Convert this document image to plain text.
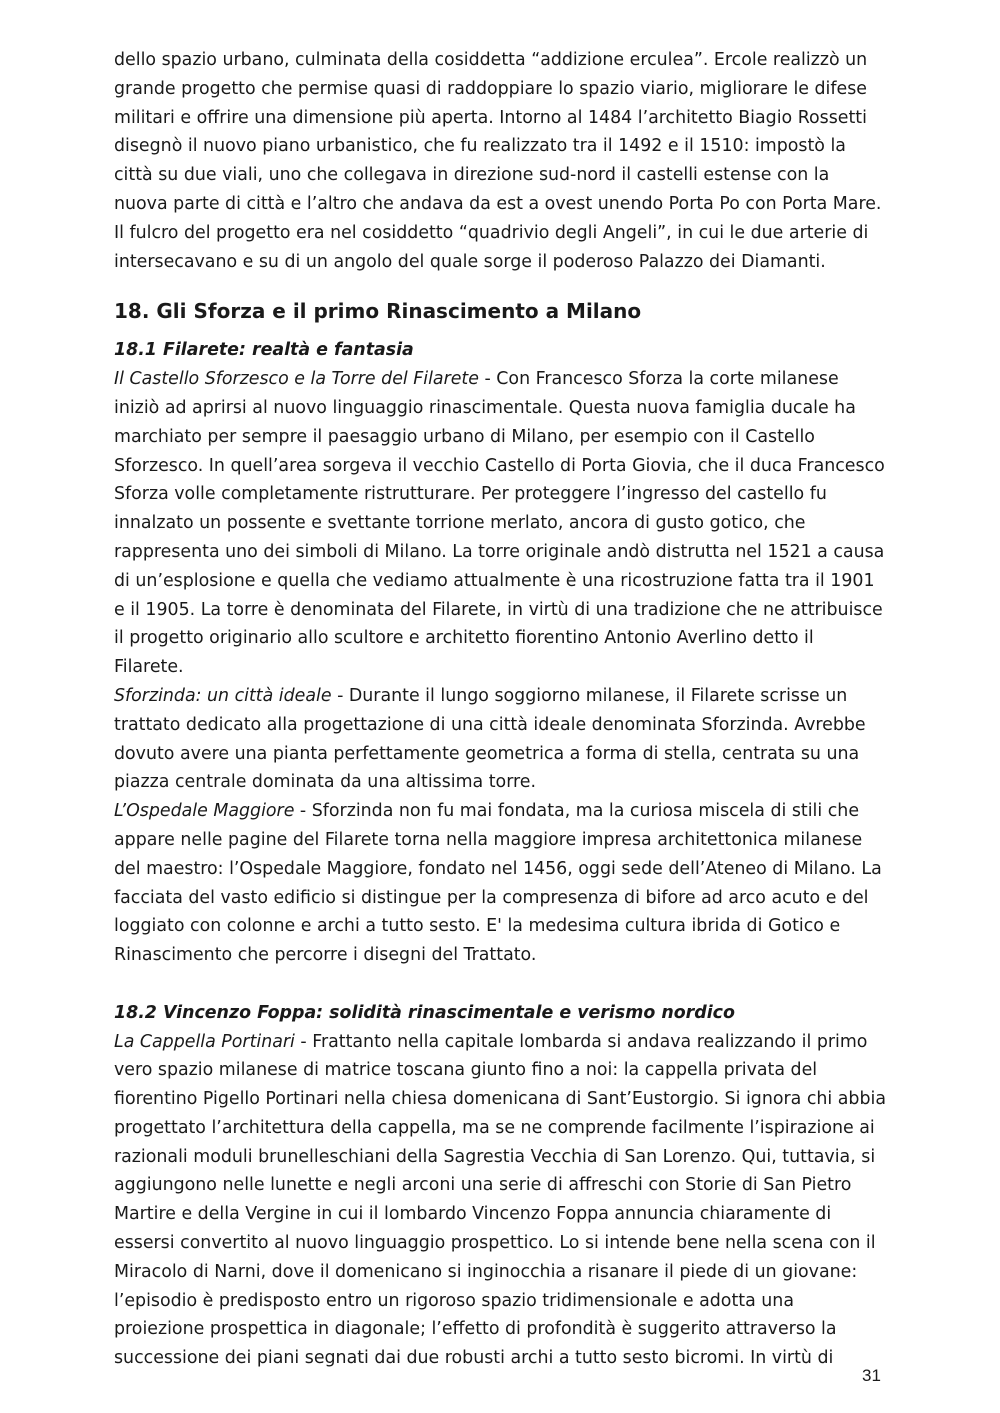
dello spazio urbano, culminata della cosiddetta “addizione erculea”. Ercole realizzò un grande progetto che permise quasi di raddoppiare lo spazio viario, migliorare le difese militari e offrire una dimensione più aperta. Intorno al 1484 l’architetto Biagio Rossetti disegnò il nuovo piano urbanistico, che fu realizzato tra il 1492 e il 1510: impostò la città su due viali, uno che collegava in direzione sud-nord il castelli estense con la nuova parte di città e l’altro che andava da est a ovest unendo Porta Po con Porta Mare. Il fulcro del progetto era nel cosiddetto “quadrivio degli Angeli”, in cui le due arterie di intersecavano e su di un angolo del quale sorge il poderoso Palazzo dei Diamanti.

18. Gli Sforza e il primo Rinascimento a Milano
18.1 Filarete: realtà e fantasia

Il Castello Sforzesco e la Torre del Filarete - Con Francesco Sforza la corte milanese iniziò ad aprirsi al nuovo linguaggio rinascimentale. Questa nuova famiglia ducale ha marchiato per sempre il paesaggio urbano di Milano, per esempio con il Castello Sforzesco. In quell’area sorgeva il vecchio Castello di Porta Giovia, che il duca Francesco Sforza volle completamente ristrutturare. Per proteggere l’ingresso del castello fu innalzato un possente e svettante torrione merlato, ancora di gusto gotico, che rappresenta uno dei simboli di Milano. La torre originale andò distrutta nel 1521 a causa di un’esplosione e quella che vediamo attualmente è una ricostruzione fatta tra il 1901 e il 1905. La torre è denominata del Filarete, in virtù di una tradizione che ne attribuisce il progetto originario allo scultore e architetto fiorentino Antonio Averlino detto il Filarete.

Sforzinda: un città ideale - Durante il lungo soggiorno milanese, il Filarete scrisse un trattato dedicato alla progettazione di una città ideale denominata Sforzinda. Avrebbe dovuto avere una pianta perfettamente geometrica a forma di stella, centrata su una piazza centrale dominata da una altissima torre.

L’Ospedale Maggiore - Sforzinda non fu mai fondata, ma la curiosa miscela di stili che appare nelle pagine del Filarete torna nella maggiore impresa architettonica milanese del maestro: l’Ospedale Maggiore, fondato nel 1456, oggi sede dell’Ateneo di Milano. La facciata del vasto edificio si distingue per la compresenza di bifore ad arco acuto e del loggiato con colonne e archi a tutto sesto. E' la medesima cultura ibrida di Gotico e Rinascimento che percorre i disegni del Trattato.

18.2 Vincenzo Foppa: solidità rinascimentale e verismo nordico

La Cappella Portinari - Frattanto nella capitale lombarda si andava realizzando il primo vero spazio milanese di matrice toscana giunto fino a noi: la cappella privata del fiorentino Pigello Portinari nella chiesa domenicana di Sant’Eustorgio. Si ignora chi abbia progettato l’architettura della cappella, ma se ne comprende facilmente l’ispirazione ai razionali moduli brunelleschiani della Sagrestia Vecchia di San Lorenzo. Qui, tuttavia, si aggiungono nelle lunette e negli arconi una serie di affreschi con Storie di San Pietro Martire e della Vergine in cui il lombardo Vincenzo Foppa annuncia chiaramente di essersi convertito al nuovo linguaggio prospettico. Lo si intende bene nella scena con il Miracolo di Narni, dove il domenicano si inginocchia a risanare il piede di un giovane: l’episodio è predisposto entro un rigoroso spazio tridimensionale e adotta una proiezione prospettica in diagonale; l’effetto di profondità è suggerito attraverso la successione dei piani segnati dai due robusti archi a tutto sesto bicromi. In virtù di

31
